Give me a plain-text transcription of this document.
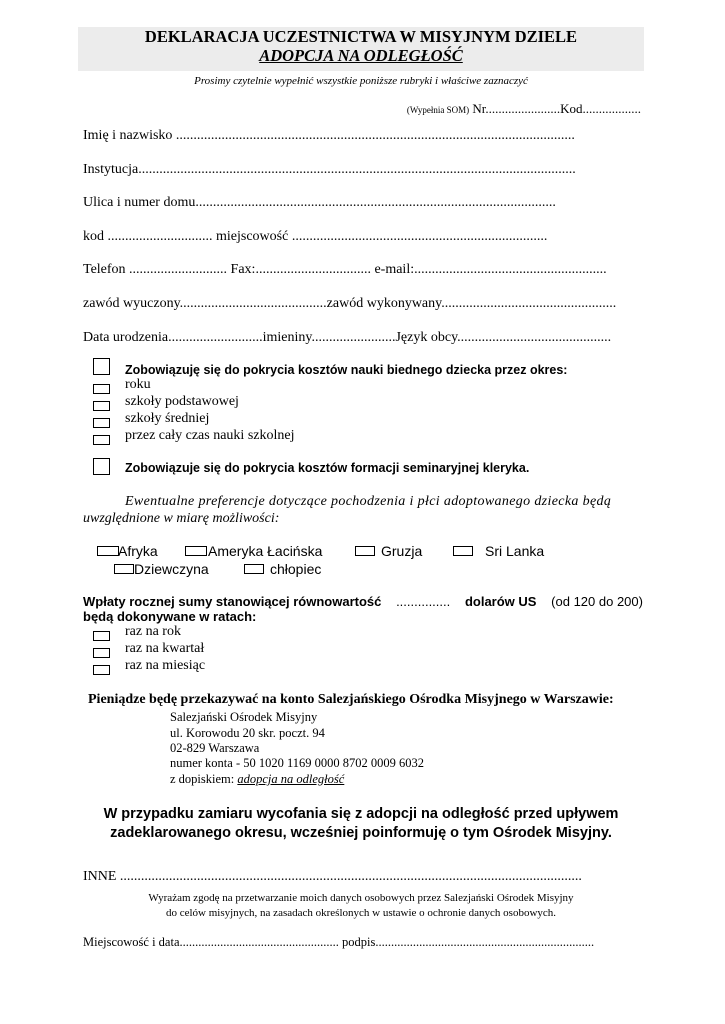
DEKLARACJA UCZESTNICTWA W MISYJNYM DZIELE
ADOPCJA NA ODLEGŁOŚĆ
Prosimy czytelnie wypełnić wszystkie poniższe rubryki i właściwe zaznaczyć
(Wypełnia SOM) Nr.......................Kod..................
Imię i nazwisko ..................................................................................................................
Instytucja.............................................................................................................................
Ulica i numer domu.......................................................................................................
kod .............................. miejscowość .........................................................................
Telefon ............................ Fax:................................. e-mail:.......................................................
zawód wyuczony..........................................zawód wykonywany..................................................
Data urodzenia...........................imieniny........................Język obcy............................................
Zobowiązuję się do pokrycia kosztów nauki biednego dziecka przez okres:
roku
szkoły podstawowej
szkoły średniej
przez cały czas nauki szkolnej
Zobowiązuje się do pokrycia kosztów formacji seminaryjnej kleryka.
Ewentualne preferencje dotyczące pochodzenia i płci adoptowanego dziecka będą
uwzględnione w miarę możliwości:
Afryka	Ameryka Łacińska	Gruzja	Sri Lanka
Dziewczyna	chłopiec
Wpłaty rocznej sumy stanowiącej równowartość ............... dolarów US (od 120 do 200)
będą dokonywane w ratach:
raz na rok
raz na kwartał
raz na miesiąc
Pieniądze będę przekazywać na konto Salezjańskiego Ośrodka Misyjnego w Warszawie:
Salezjański Ośrodek Misyjny
ul. Korowodu 20 skr. poczt. 94
02-829 Warszawa
numer konta - 50 1020 1169 0000 8702 0009 6032
z dopiskiem: adopcja na odległość
W przypadku zamiaru wycofania się z adopcji na odległość przed upływem
zadeklarowanego okresu, wcześniej poinformuję o tym Ośrodek Misyjny.
INNE ....................................................................................................................................
Wyrażam zgodę na przetwarzanie moich danych osobowych przez Salezjański Ośrodek Misyjny
do celów misyjnych, na zasadach określonych w ustawie o ochronie danych osobowych.
Miejscowość i data................................................... podpis......................................................................
